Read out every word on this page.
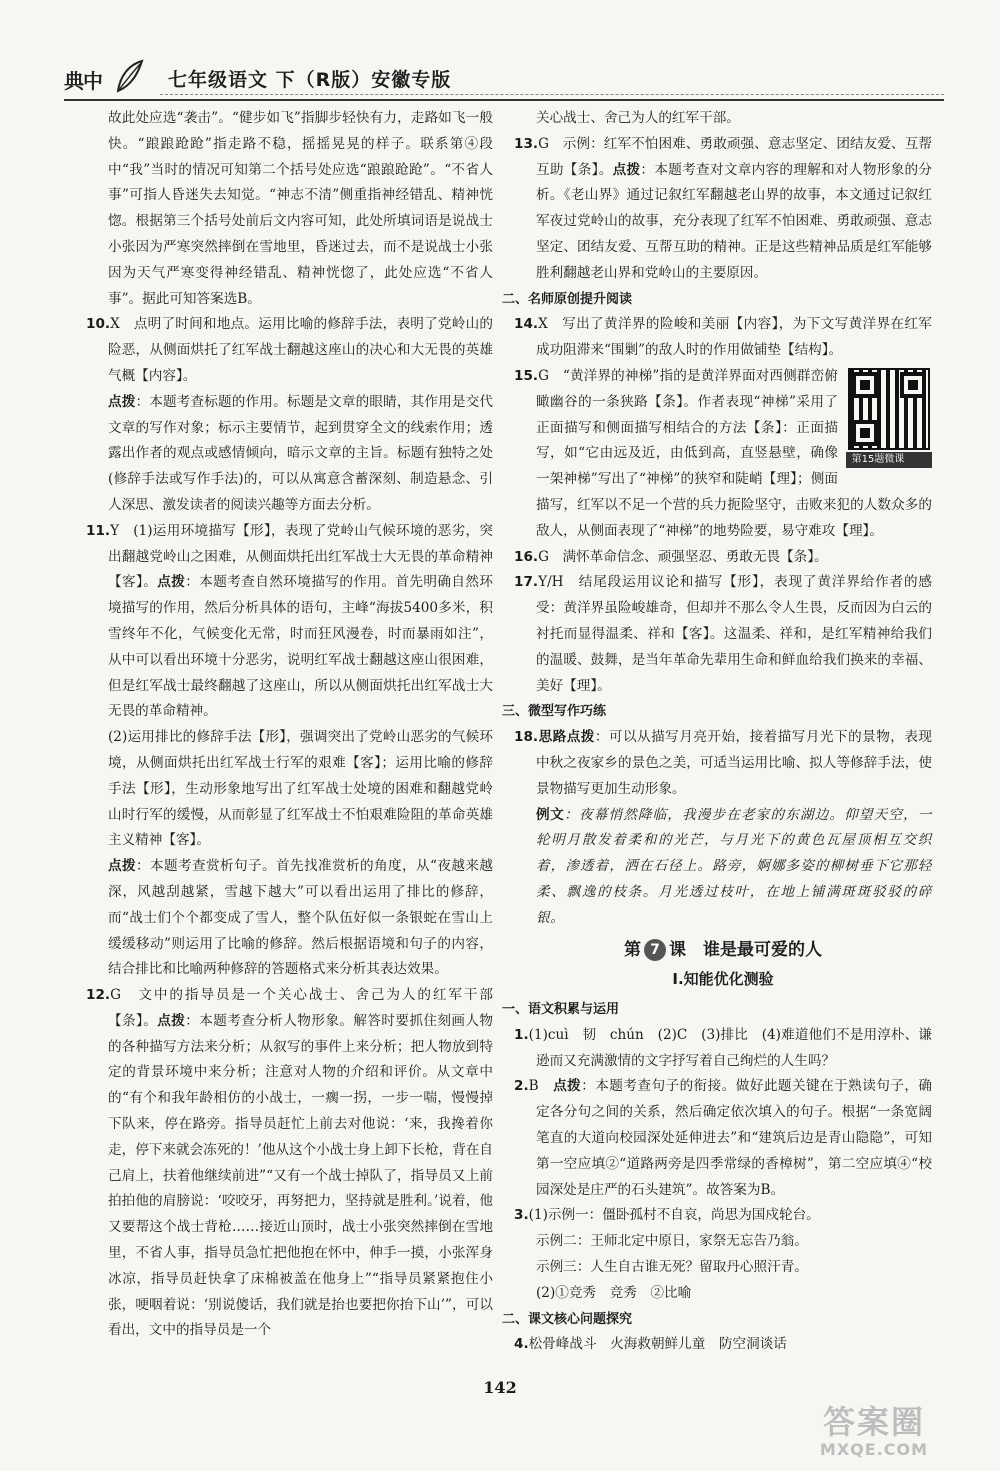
典中	七年级语文 下（R版）安徽专版

故此处应选“袭击”。“健步如飞”指脚步轻快有力，走路如飞一般快。“踉踉跄跄”指走路不稳，摇摇晃晃的样子。联系第④段中“我”当时的情况可知第二个括号处应选“踉踉跄跄”。“不省人事”可指人昏迷失去知觉。“神志不清”侧重指神经错乱、精神恍惚。根据第三个括号处前后文内容可知，此处所填词语是说战士小张因为严寒突然摔倒在雪地里，昏迷过去，而不是说战士小张因为天气严寒变得神经错乱、精神恍惚了，此处应选“不省人事”。据此可知答案选B。

10.X　点明了时间和地点。运用比喻的修辞手法，表明了党岭山的险恶，从侧面烘托了红军战士翻越这座山的决心和大无畏的英雄气概【内容】。

点拨：本题考查标题的作用。标题是文章的眼睛，其作用是交代文章的写作对象；标示主要情节，起到贯穿全文的线索作用；透露出作者的观点或感情倾向，暗示文章的主旨。标题有独特之处(修辞手法或写作手法)的，可以从寓意含蓄深刻、制造悬念、引人深思、激发读者的阅读兴趣等方面去分析。

11.Y　(1)运用环境描写【形】，表现了党岭山气候环境的恶劣，突出翻越党岭山之困难，从侧面烘托出红军战士大无畏的革命精神【客】。点拨：本题考查自然环境描写的作用。首先明确自然环境描写的作用，然后分析具体的语句，主峰“海拔5400多米，积雪终年不化，气候变化无常，时而狂风漫卷，时而暴雨如注”，从中可以看出环境十分恶劣，说明红军战士翻越这座山很困难，但是红军战士最终翻越了这座山，所以从侧面烘托出红军战士大无畏的革命精神。

(2)运用排比的修辞手法【形】，强调突出了党岭山恶劣的气候环境，从侧面烘托出红军战士行军的艰难【客】；运用比喻的修辞手法【形】，生动形象地写出了红军战士处境的困难和翻越党岭山时行军的缓慢，从而彰显了红军战士不怕艰难险阻的革命英雄主义精神【客】。

点拨：本题考查赏析句子。首先找准赏析的角度，从“夜越来越深，风越刮越紧，雪越下越大”可以看出运用了排比的修辞，而“战士们个个都变成了雪人，整个队伍好似一条银蛇在雪山上缓缓移动”则运用了比喻的修辞。然后根据语境和句子的内容，结合排比和比喻两种修辞的答题格式来分析其表达效果。

12.G　文中的指导员是一个关心战士、舍己为人的红军干部【条】。点拨：本题考查分析人物形象。解答时要抓住刻画人物的各种描写方法来分析；从叙写的事件上来分析；把人物放到特定的背景环境中来分析；注意对人物的介绍和评价。从文章中的“有个和我年龄相仿的小战士，一瘸一拐，一步一喘，慢慢掉下队来，停在路旁。指导员赶忙上前去对他说：‘来，我搀着你走，停下来就会冻死的！’他从这个小战士身上卸下长枪，背在自己肩上，扶着他继续前进”“又有一个战士掉队了，指导员又上前拍拍他的肩膀说：‘咬咬牙，再努把力，坚持就是胜利。’说着，他又要帮这个战士背枪……接近山顶时，战士小张突然摔倒在雪地里，不省人事，指导员急忙把他抱在怀中，伸手一摸，小张浑身冰凉，指导员赶快拿了床棉被盖在他身上”“指导员紧紧抱住小张，哽咽着说：‘别说傻话，我们就是抬也要把你抬下山’”，可以看出，文中的指导员是一个

关心战士、舍己为人的红军干部。

13.G　示例：红军不怕困难、勇敢顽强、意志坚定、团结友爱、互帮互助【条】。点拨：本题考查对文章内容的理解和对人物形象的分析。《老山界》通过记叙红军翻越老山界的故事，本文通过记叙红军夜过党岭山的故事，充分表现了红军不怕困难、勇敢顽强、意志坚定、团结友爱、互帮互助的精神。正是这些精神品质是红军能够胜利翻越老山界和党岭山的主要原因。

二、名师原创提升阅读

14.X　写出了黄洋界的险峻和美丽【内容】，为下文写黄洋界在红军成功阻滞来“围剿”的敌人时的作用做铺垫【结构】。

第15题微课
15.G　“黄洋界的神梯”指的是黄洋界面对西侧群峦俯瞰幽谷的一条狭路【条】。作者表现“神梯”采用了正面描写和侧面描写相结合的方法【条】：正面描写，如“它由远及近，由低到高，直竖悬壁，确像一架神梯”写出了“神梯”的狭窄和陡峭【理】；侧面描写，红军以不足一个营的兵力扼险坚守，击败来犯的人数众多的敌人，从侧面表现了“神梯”的地势险要，易守难攻【理】。

16.G　满怀革命信念、顽强坚忍、勇敢无畏【条】。

17.Y/H　结尾段运用议论和描写【形】，表现了黄洋界给作者的感受：黄洋界虽险峻雄奇，但却并不那么令人生畏，反而因为白云的衬托而显得温柔、祥和【客】。这温柔、祥和，是红军精神给我们的温暖、鼓舞，是当年革命先辈用生命和鲜血给我们换来的幸福、美好【理】。

三、微型写作巧练

18.思路点拨：可以从描写月亮开始，接着描写月光下的景物，表现中秋之夜家乡的景色之美，可适当运用比喻、拟人等修辞手法，使景物描写更加生动形象。

例文：夜幕悄然降临，我漫步在老家的东湖边。仰望天空，一轮明月散发着柔和的光芒，与月光下的黄色瓦屋顶相互交织着，渗透着，洒在石径上。路旁，婀娜多姿的柳树垂下它那轻柔、飘逸的枝条。月光透过枝叶，在地上铺满斑斑驳驳的碎银。

第 7 课　谁是最可爱的人
Ⅰ.知能优化测验

一、语文积累与运用

1.(1)cuì　韧　chún　(2)C　(3)排比　(4)难道他们不是用淳朴、谦逊而又充满激情的文字抒写着自己绚烂的人生吗？

2.B　点拨：本题考查句子的衔接。做好此题关键在于熟读句子，确定各分句之间的关系，然后确定依次填入的句子。根据“一条宽阔笔直的大道向校园深处延伸进去”和“建筑后边是青山隐隐”，可知第一空应填②“道路两旁是四季常绿的香樟树”，第二空应填④“校园深处是庄严的石头建筑”。故答案为B。

3.(1)示例一：僵卧孤村不自哀，尚思为国戍轮台。

示例二：王师北定中原日，家祭无忘告乃翁。

示例三：人生自古谁无死？留取丹心照汗青。

(2)①竞秀　竞秀　②比喻

二、课文核心问题探究

4.松骨峰战斗　火海救朝鲜儿童　防空洞谈话

142
答案圈
MXQE.COM
